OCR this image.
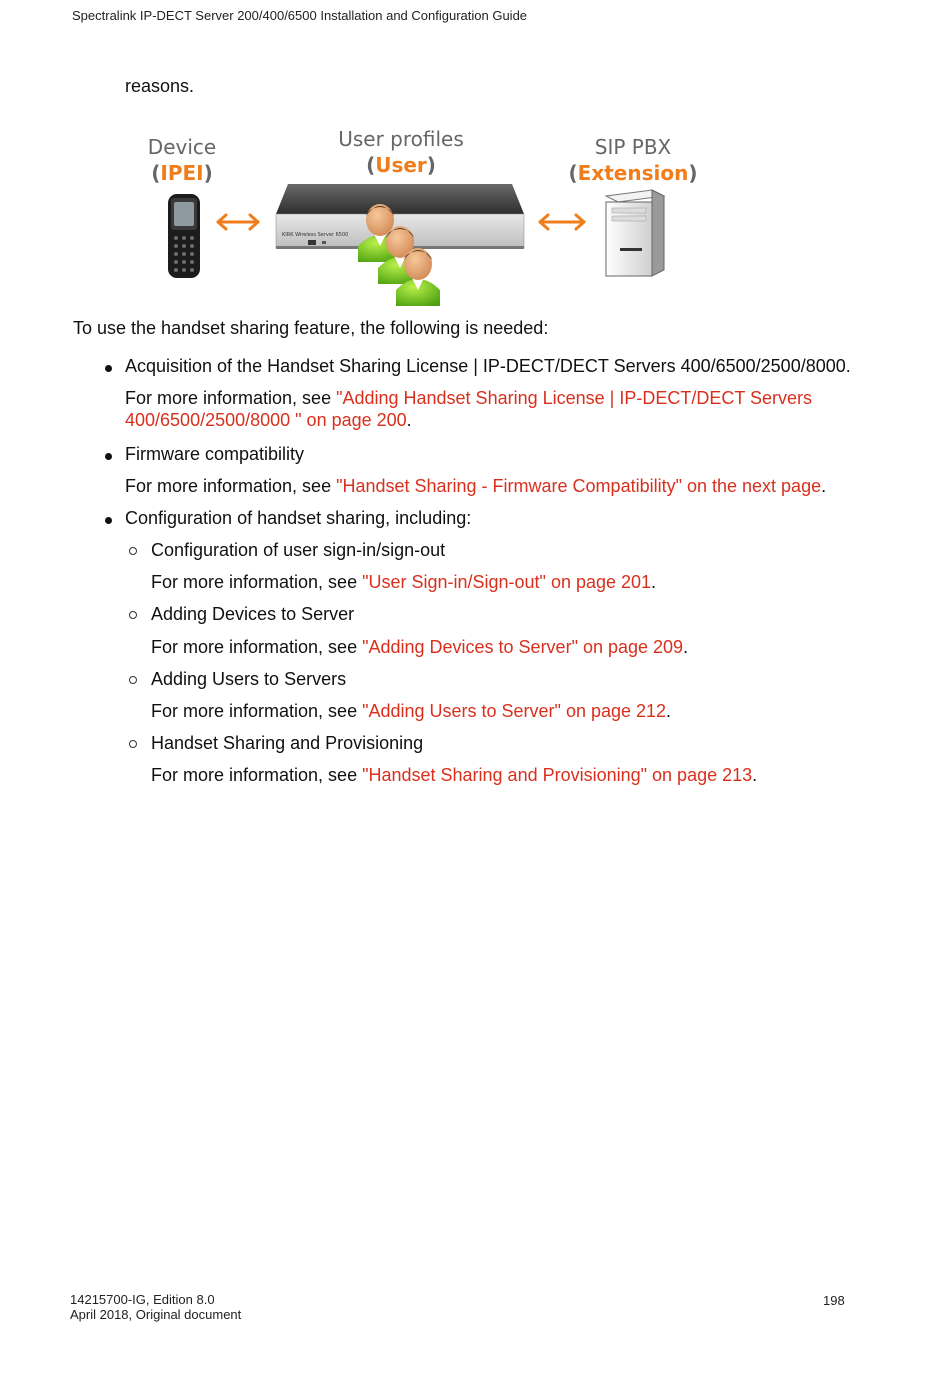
Spectralink IP-DECT Server 200/400/6500 Installation and Configuration Guide
reasons.
Device
(IPEI)
User profiles
(User)
SIP PBX
(Extension)
KIRK Wireless Server 6500
To use the handset sharing feature, the following is needed:
Acquisition of the Handset Sharing License | IP-DECT/DECT Servers 400/6500/2500/8000.
For more information, see "Adding Handset Sharing License | IP-DECT/DECT Servers
400/6500/2500/8000 " on page 200.
Firmware compatibility
For more information, see "Handset Sharing - Firmware Compatibility" on the next page.
Configuration of handset sharing, including:
Configuration of user sign-in/sign-out
For more information, see "User Sign-in/Sign-out" on page 201.
Adding Devices to Server
For more information, see "Adding Devices to Server" on page 209.
Adding Users to Servers
For more information, see "Adding Users to Server" on page 212.
Handset Sharing and Provisioning
For more information, see "Handset Sharing and Provisioning" on page 213.
14215700-IG, Edition 8.0
April 2018, Original document
198
